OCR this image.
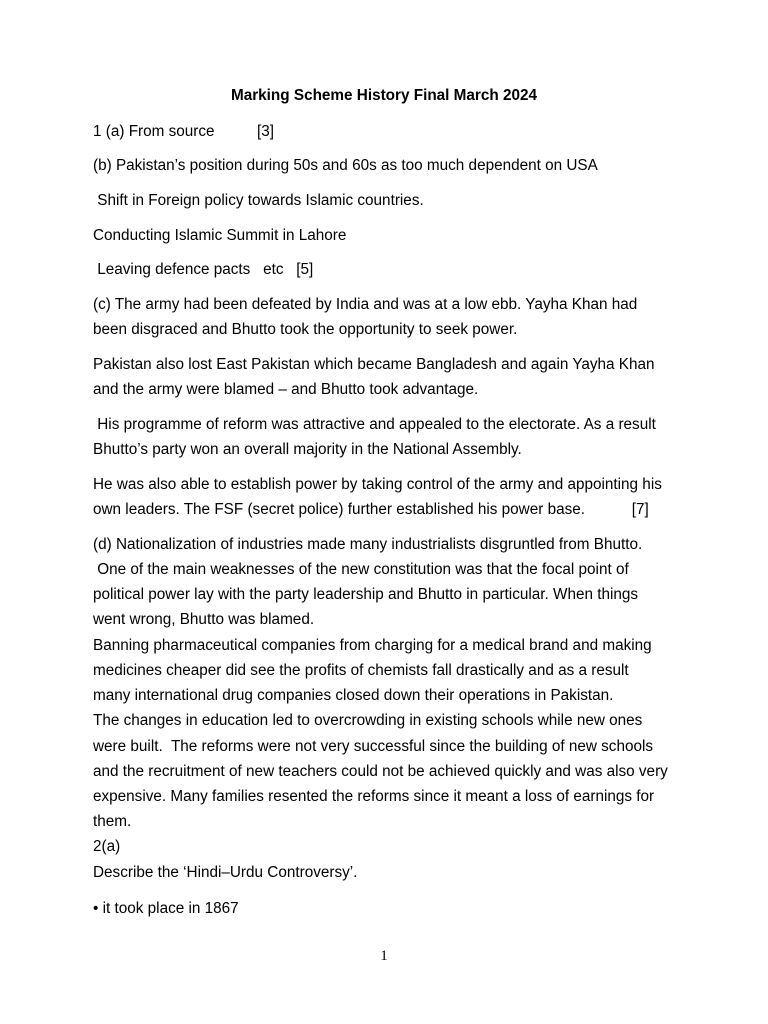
Marking Scheme History Final March 2024
1 (a) From source          [3]
(b) Pakistan’s position during 50s and 60s as too much dependent on USA
Shift in Foreign policy towards Islamic countries.
Conducting Islamic Summit in Lahore
Leaving defence pacts   etc   [5]
(c) The army had been defeated by India and was at a low ebb. Yayha Khan had
been disgraced and Bhutto took the opportunity to seek power.
Pakistan also lost East Pakistan which became Bangladesh and again Yayha Khan
and the army were blamed – and Bhutto took advantage.
His programme of reform was attractive and appealed to the electorate. As a result
Bhutto’s party won an overall majority in the National Assembly.
He was also able to establish power by taking control of the army and appointing his
own leaders. The FSF (secret police) further established his power base.           [7]
(d) Nationalization of industries made many industrialists disgruntled from Bhutto.
One of the main weaknesses of the new constitution was that the focal point of
political power lay with the party leadership and Bhutto in particular. When things
went wrong, Bhutto was blamed.
Banning pharmaceutical companies from charging for a medical brand and making
medicines cheaper did see the profits of chemists fall drastically and as a result
many international drug companies closed down their operations in Pakistan.
The changes in education led to overcrowding in existing schools while new ones
were built.  The reforms were not very successful since the building of new schools
and the recruitment of new teachers could not be achieved quickly and was also very
expensive. Many families resented the reforms since it meant a loss of earnings for
them.
2(a)
Describe the ‘Hindi–Urdu Controversy’.
• it took place in 1867
1
